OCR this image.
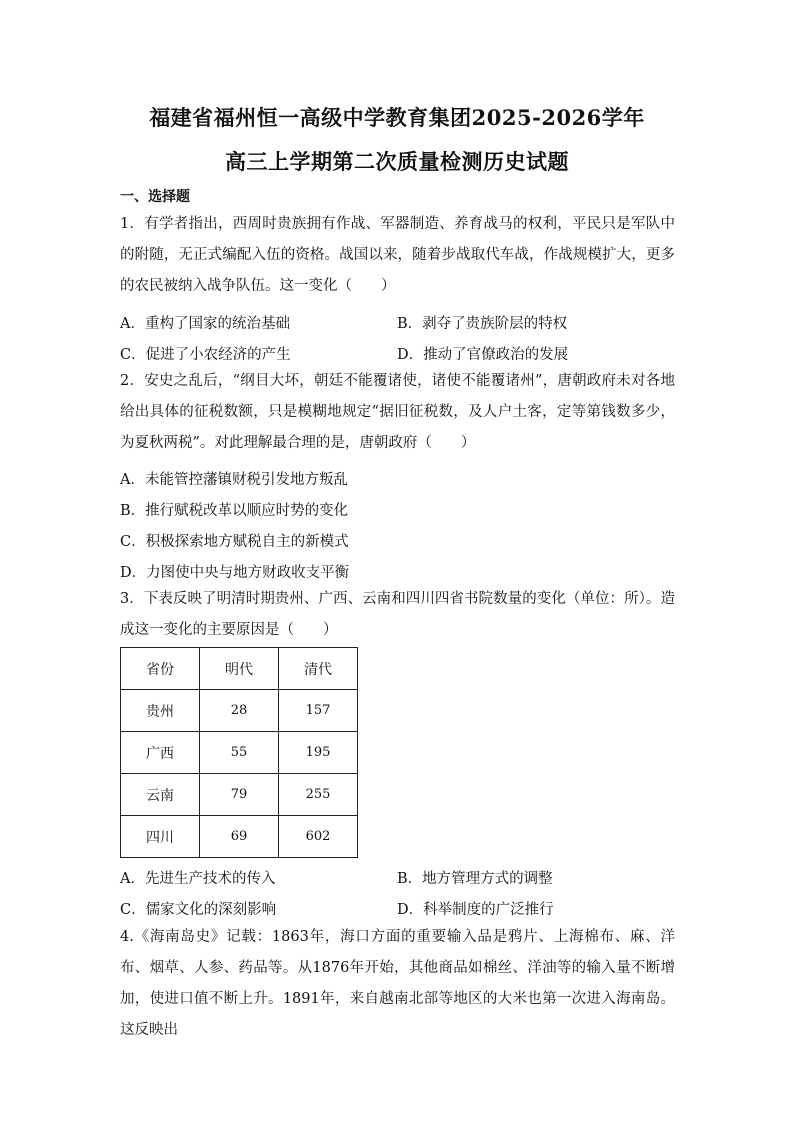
福建省福州恒一高级中学教育集团2025-2026学年
高三上学期第二次质量检测历史试题
一、选择题

1．有学者指出，西周时贵族拥有作战、军器制造、养育战马的权利，平民只是军队中的附随，无正式编配入伍的资格。战国以来，随着步战取代车战，作战规模扩大，更多的农民被纳入战争队伍。这一变化（　　）

A．重构了国家的统治基础	B．剥夺了贵族阶层的特权
C．促进了小农经济的产生	D．推动了官僚政治的发展

2．安史之乱后，“纲目大坏，朝廷不能覆诸使，诸使不能覆诸州”，唐朝政府未对各地给出具体的征税数额，只是模糊地规定“据旧征税数，及人户土客，定等第钱数多少，为夏秋两税”。对此理解最合理的是，唐朝政府（　　）

A．未能管控藩镇财税引发地方叛乱
B．推行赋税改革以顺应时势的变化
C．积极探索地方赋税自主的新模式
D．力图使中央与地方财政收支平衡

3．下表反映了明清时期贵州、广西、云南和四川四省书院数量的变化（单位：所）。造成这一变化的主要原因是（　　）

省份	明代	清代
贵州	28	157
广西	55	195
云南	79	255
四川	69	602
A．先进生产技术的传入	B．地方管理方式的调整
C．儒家文化的深刻影响	D．科举制度的广泛推行

4.《海南岛史》记载：1863年，海口方面的重要输入品是鸦片、上海棉布、麻、洋布、烟草、人参、药品等。从1876年开始，其他商品如棉丝、洋油等的输入量不断增加，使进口值不断上升。1891年，来自越南北部等地区的大米也第一次进入海南岛。这反映出
